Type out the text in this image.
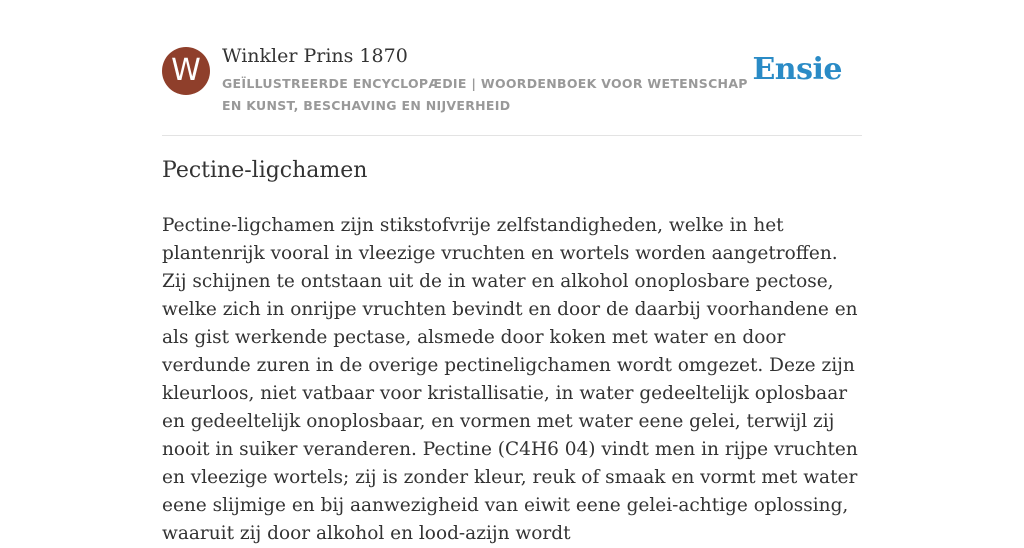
W	Winkler Prins 1870
GEÏLLUSTREERDE ENCYCLOPÆDIE | WOORDENBOEK VOOR WETENSCHAP EN KUNST, BESCHAVING EN NIJVERHEID
Ensie
Pectine-ligchamen

Pectine-ligchamen zijn stikstofvrije zelfstandigheden, welke in het plantenrijk vooral in vleezige vruchten en wortels worden aangetroffen. Zij schijnen te ontstaan uit de in water en alkohol onoplosbare pectose, welke zich in onrijpe vruchten bevindt en door de daarbij voorhandene en als gist werkende pectase, alsmede door koken met water en door verdunde zuren in de overige pectineligchamen wordt omgezet. Deze zijn kleurloos, niet vatbaar voor kristallisatie, in water gedeeltelijk oplosbaar en gedeeltelijk onoplosbaar, en vormen met water eene gelei, terwijl zij nooit in suiker veranderen. Pectine (C4H6 04) vindt men in rijpe vruchten en vleezige wortels; zij is zonder kleur, reuk of smaak en vormt met water eene slijmige en bij aanwezigheid van eiwit eene gelei-achtige oplossing, waaruit zij door alkohol en lood-azijn wordt
